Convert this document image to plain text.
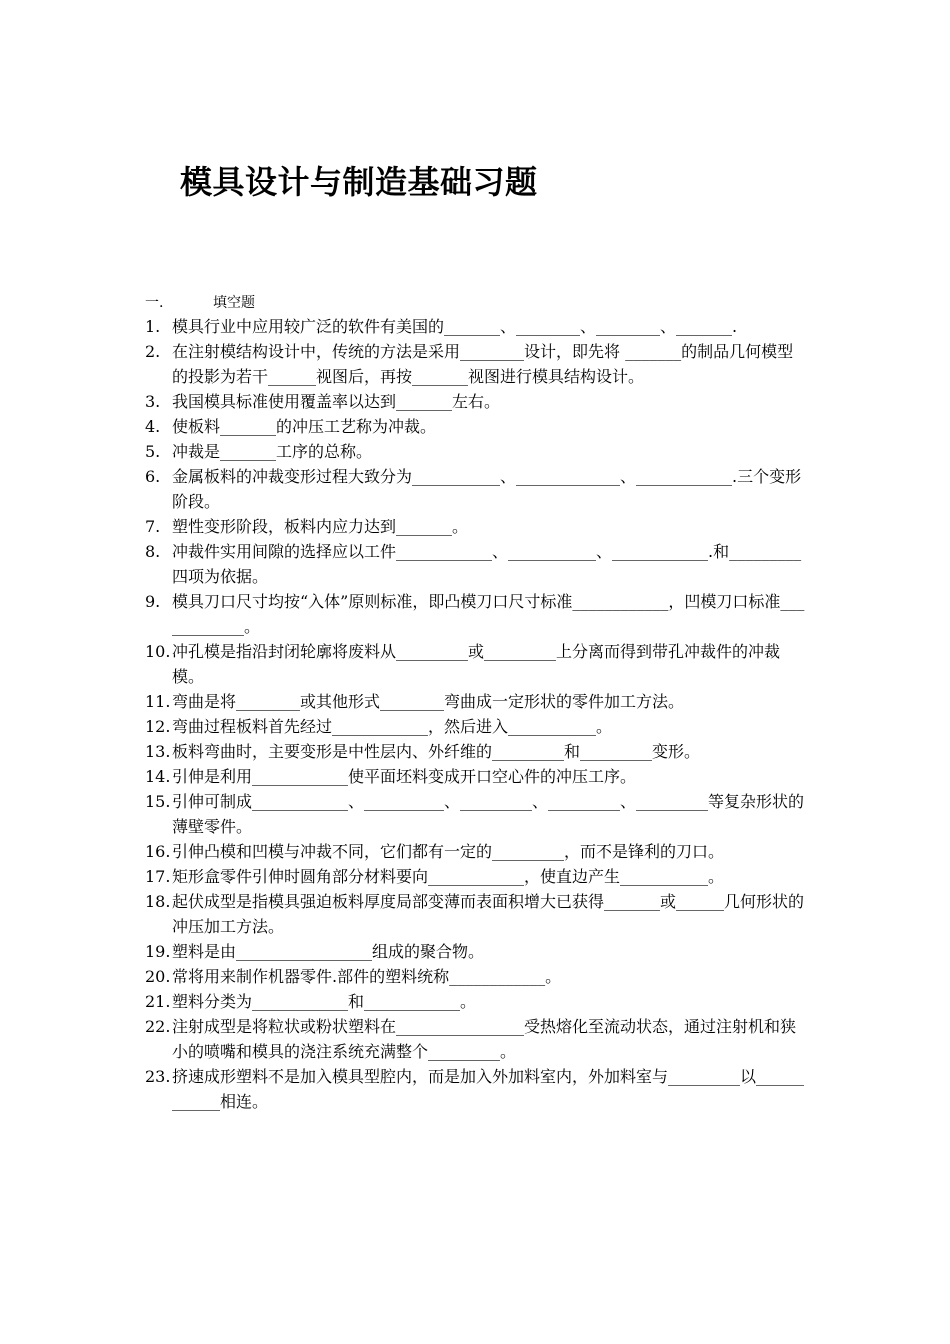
模具设计与制造基础习题
一.	填空题
1. 模具行业中应用较广泛的软件有美国的_______、________、________、_______.
2. 在注射模结构设计中，传统的方法是采用________设计，即先将 _______的制品几何模型的投影为若干______视图后，再按_______视图进行模具结构设计。
3. 我国模具标准使用覆盖率以达到_______左右。
4. 使板料_______的冲压工艺称为冲裁。
5. 冲裁是_______工序的总称。
6. 金属板料的冲裁变形过程大致分为___________、_____________、____________.三个变形阶段。
7. 塑性变形阶段，板料内应力达到_______。
8. 冲裁件实用间隙的选择应以工件____________、___________、____________.和_________四项为依据。
9. 模具刀口尺寸均按“入体”原则标准，即凸模刀口尺寸标准____________，凹模刀口标准____________。
10. 冲孔模是指沿封闭轮廓将废料从_________或_________上分离而得到带孔冲裁件的冲裁模。
11. 弯曲是将________或其他形式________弯曲成一定形状的零件加工方法。
12. 弯曲过程板料首先经过____________，然后进入___________。
13. 板料弯曲时，主要变形是中性层内、外纤维的_________和_________变形。
14. 引伸是利用____________使平面坯料变成开口空心件的冲压工序。
15. 引伸可制成____________、__________、_________、_________、_________等复杂形状的薄壁零件。
16. 引伸凸模和凹模与冲裁不同，它们都有一定的_________，而不是锋利的刀口。
17. 矩形盒零件引伸时圆角部分材料要向____________，使直边产生___________。
18. 起伏成型是指模具强迫板料厚度局部变薄而表面积增大已获得_______或______几何形状的冲压加工方法。
19. 塑料是由_________________组成的聚合物。
20. 常将用来制作机器零件.部件的塑料统称____________。
21. 塑料分类为____________和____________。
22. 注射成型是将粒状或粉状塑料在________________受热熔化至流动状态，通过注射机和狭小的喷嘴和模具的浇注系统充满整个_________。
23. 挤速成形塑料不是加入模具型腔内，而是加入外加料室内，外加料室与_________以____________相连。
